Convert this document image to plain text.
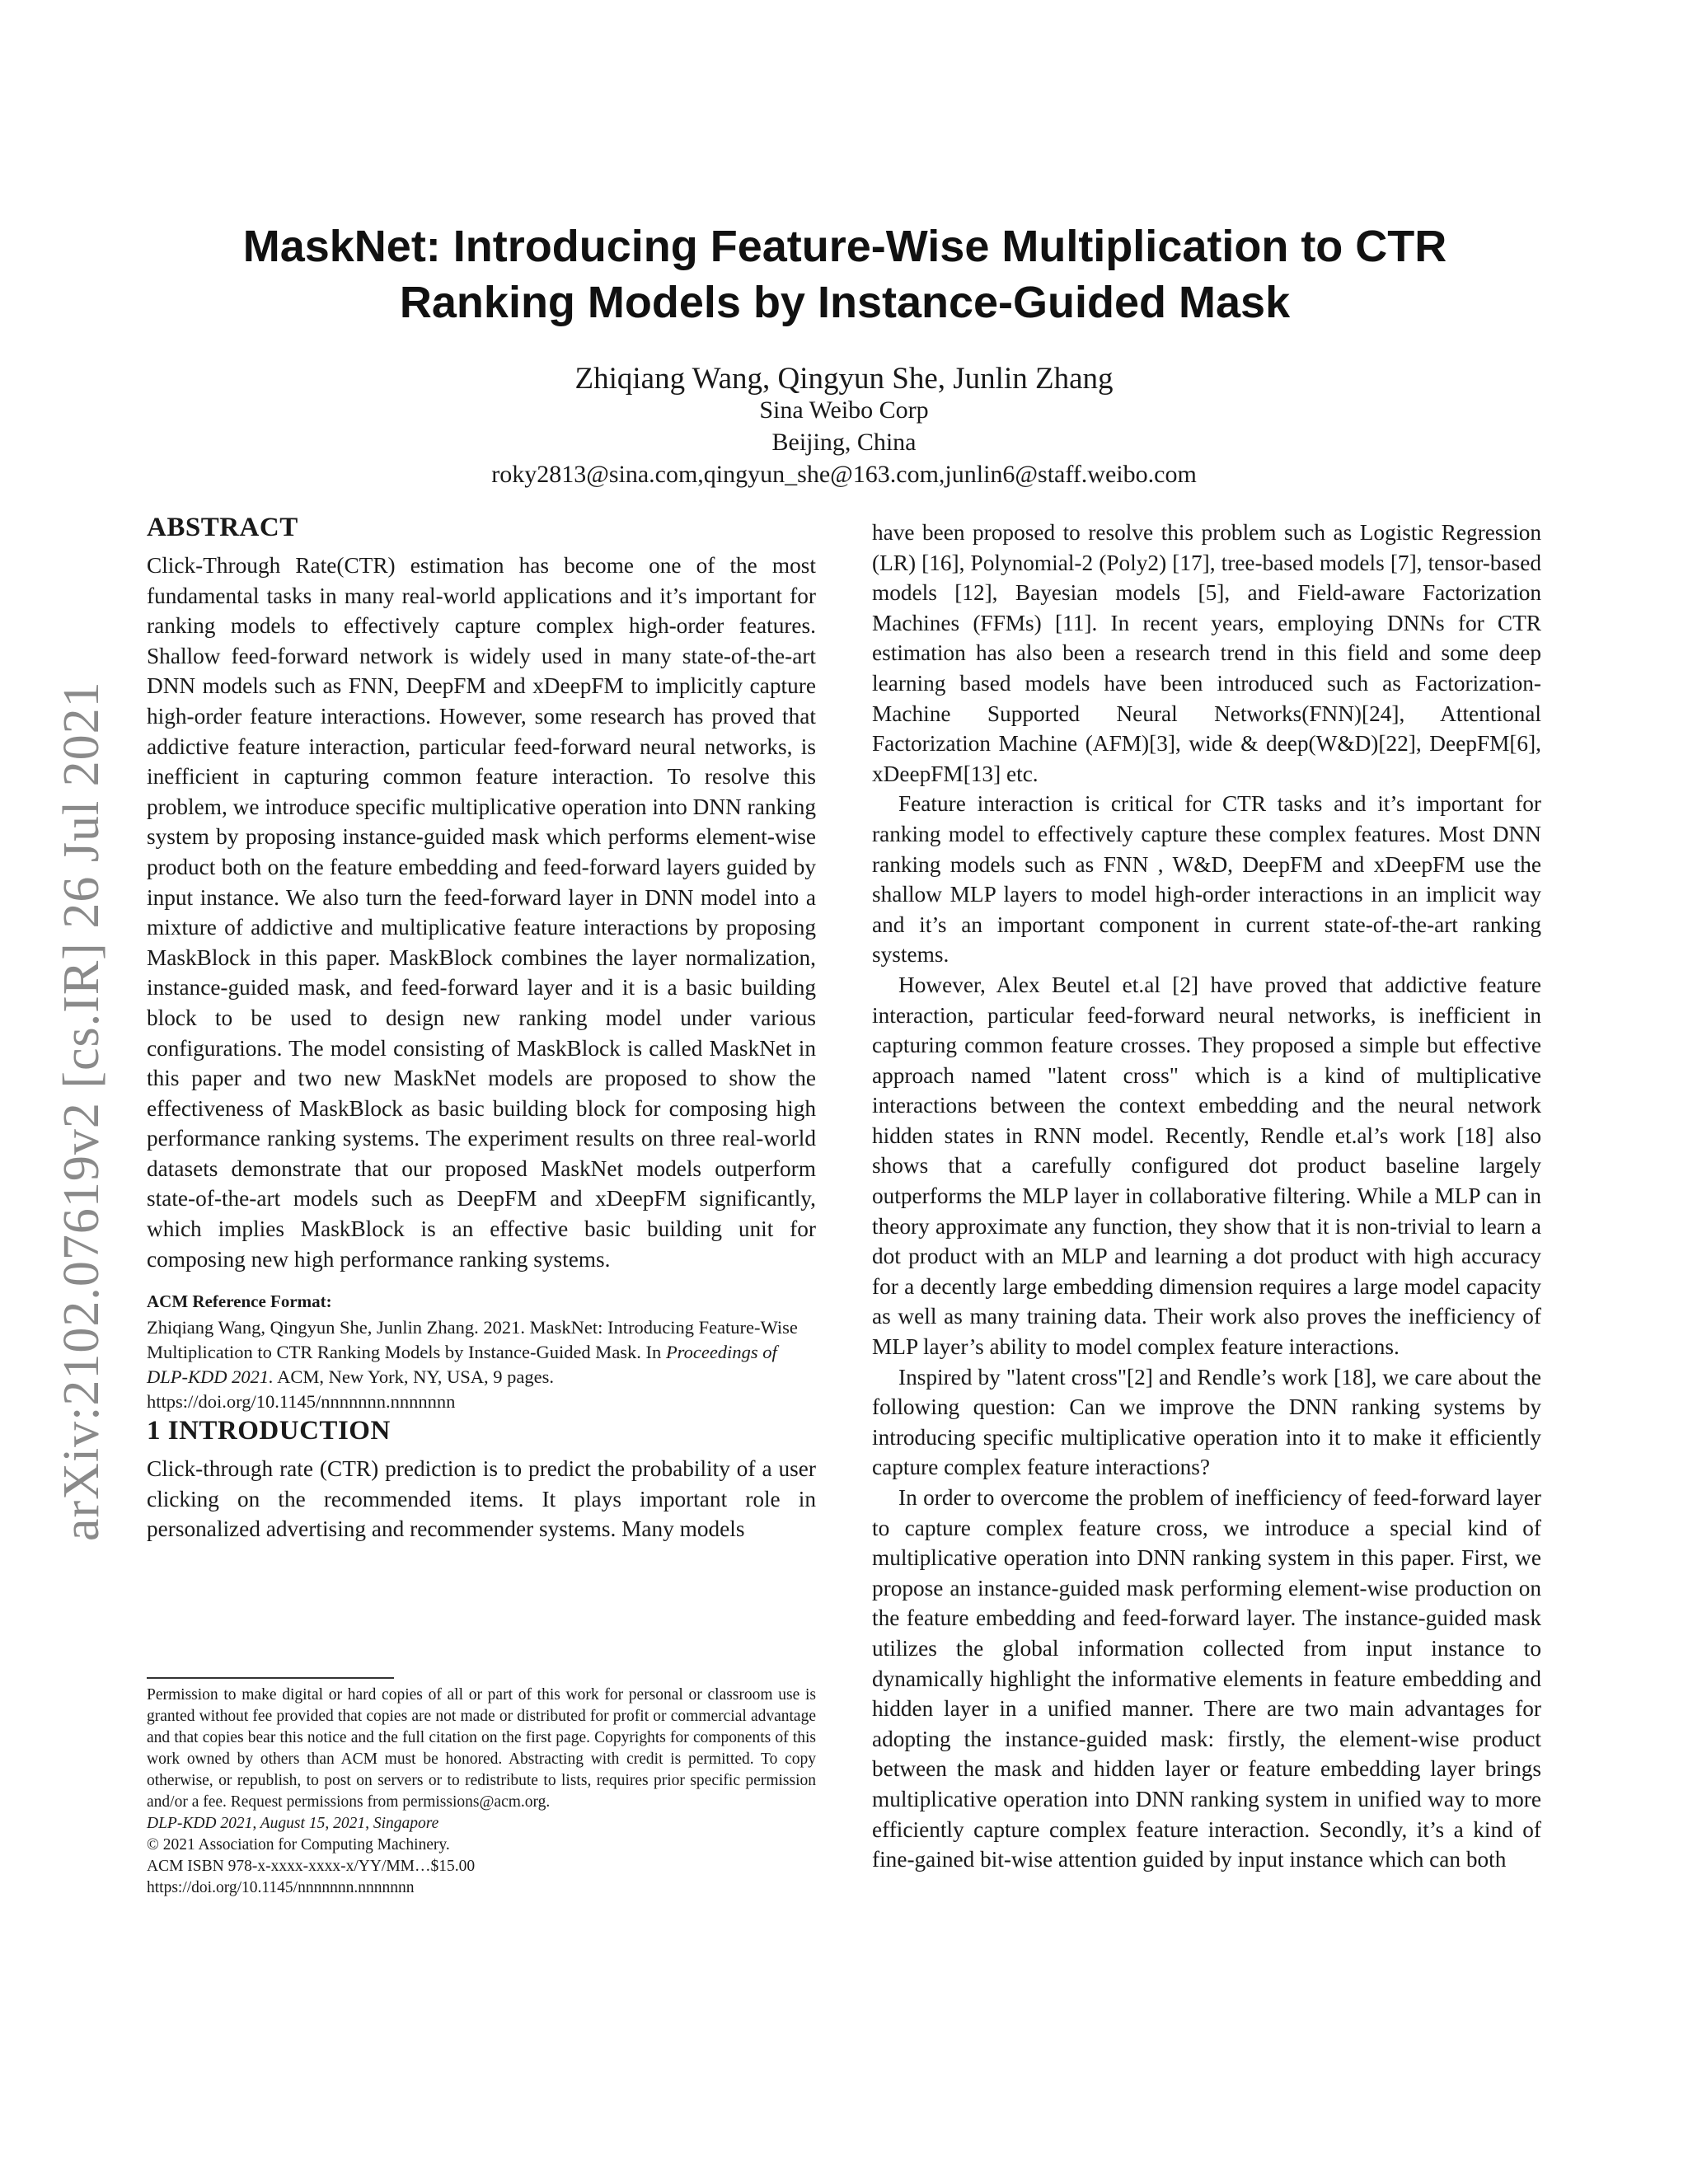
arXiv:2102.07619v2 [cs.IR] 26 Jul 2021
MaskNet: Introducing Feature-Wise Multiplication to CTR
Ranking Models by Instance-Guided Mask
Zhiqiang Wang, Qingyun She, Junlin Zhang
Sina Weibo Corp
Beijing, China
roky2813@sina.com,qingyun_she@163.com,junlin6@staff.weibo.com
ABSTRACT

Click-Through Rate(CTR) estimation has become one of the most fundamental tasks in many real-world applications and it’s important for ranking models to effectively capture complex high-order features. Shallow feed-forward network is widely used in many state-of-the-art DNN models such as FNN, DeepFM and xDeepFM to implicitly capture high-order feature interactions. However, some research has proved that addictive feature interaction, particular feed-forward neural networks, is inefficient in capturing common feature interaction. To resolve this problem, we introduce specific multiplicative operation into DNN ranking system by proposing instance-guided mask which performs element-wise product both on the feature embedding and feed-forward layers guided by input instance. We also turn the feed-forward layer in DNN model into a mixture of addictive and multiplicative feature interactions by proposing MaskBlock in this paper. MaskBlock combines the layer normalization, instance-guided mask, and feed-forward layer and it is a basic building block to be used to design new ranking model under various configurations. The model consisting of MaskBlock is called MaskNet in this paper and two new MaskNet models are proposed to show the effectiveness of MaskBlock as basic building block for composing high performance ranking systems. The experiment results on three real-world datasets demonstrate that our proposed MaskNet models outperform state-of-the-art models such as DeepFM and xDeepFM significantly, which implies MaskBlock is an effective basic building unit for composing new high performance ranking systems.

ACM Reference Format:

Zhiqiang Wang, Qingyun She, Junlin Zhang. 2021. MaskNet: Introducing Feature-Wise Multiplication to CTR Ranking Models by Instance-Guided Mask. In Proceedings of DLP-KDD 2021. ACM, New York, NY, USA, 9 pages. https://doi.org/10.1145/nnnnnnn.nnnnnnn

1 INTRODUCTION

Click-through rate (CTR) prediction is to predict the probability of a user clicking on the recommended items. It plays important role in personalized advertising and recommender systems. Many models

Permission to make digital or hard copies of all or part of this work for personal or classroom use is granted without fee provided that copies are not made or distributed for profit or commercial advantage and that copies bear this notice and the full citation on the first page. Copyrights for components of this work owned by others than ACM must be honored. Abstracting with credit is permitted. To copy otherwise, or republish, to post on servers or to redistribute to lists, requires prior specific permission and/or a fee. Request permissions from permissions@acm.org.

DLP-KDD 2021, August 15, 2021, Singapore

© 2021 Association for Computing Machinery.

ACM ISBN 978-x-xxxx-xxxx-x/YY/MM…$15.00

https://doi.org/10.1145/nnnnnnn.nnnnnnn

have been proposed to resolve this problem such as Logistic Regression (LR) [16], Polynomial-2 (Poly2) [17], tree-based models [7], tensor-based models [12], Bayesian models [5], and Field-aware Factorization Machines (FFMs) [11]. In recent years, employing DNNs for CTR estimation has also been a research trend in this field and some deep learning based models have been introduced such as Factorization-Machine Supported Neural Networks(FNN)[24], Attentional Factorization Machine (AFM)[3], wide & deep(W&D)[22], DeepFM[6], xDeepFM[13] etc.

Feature interaction is critical for CTR tasks and it’s important for ranking model to effectively capture these complex features. Most DNN ranking models such as FNN , W&D, DeepFM and xDeepFM use the shallow MLP layers to model high-order interactions in an implicit way and it’s an important component in current state-of-the-art ranking systems.

However, Alex Beutel et.al [2] have proved that addictive feature interaction, particular feed-forward neural networks, is inefficient in capturing common feature crosses. They proposed a simple but effective approach named "latent cross" which is a kind of multiplicative interactions between the context embedding and the neural network hidden states in RNN model. Recently, Rendle et.al’s work [18] also shows that a carefully configured dot product baseline largely outperforms the MLP layer in collaborative filtering. While a MLP can in theory approximate any function, they show that it is non-trivial to learn a dot product with an MLP and learning a dot product with high accuracy for a decently large embedding dimension requires a large model capacity as well as many training data. Their work also proves the inefficiency of MLP layer’s ability to model complex feature interactions.

Inspired by "latent cross"[2] and Rendle’s work [18], we care about the following question: Can we improve the DNN ranking systems by introducing specific multiplicative operation into it to make it efficiently capture complex feature interactions?

In order to overcome the problem of inefficiency of feed-forward layer to capture complex feature cross, we introduce a special kind of multiplicative operation into DNN ranking system in this paper. First, we propose an instance-guided mask performing element-wise production on the feature embedding and feed-forward layer. The instance-guided mask utilizes the global information collected from input instance to dynamically highlight the informative elements in feature embedding and hidden layer in a unified manner. There are two main advantages for adopting the instance-guided mask: firstly, the element-wise product between the mask and hidden layer or feature embedding layer brings multiplicative operation into DNN ranking system in unified way to more efficiently capture complex feature interaction. Secondly, it’s a kind of fine-gained bit-wise attention guided by input instance which can both
